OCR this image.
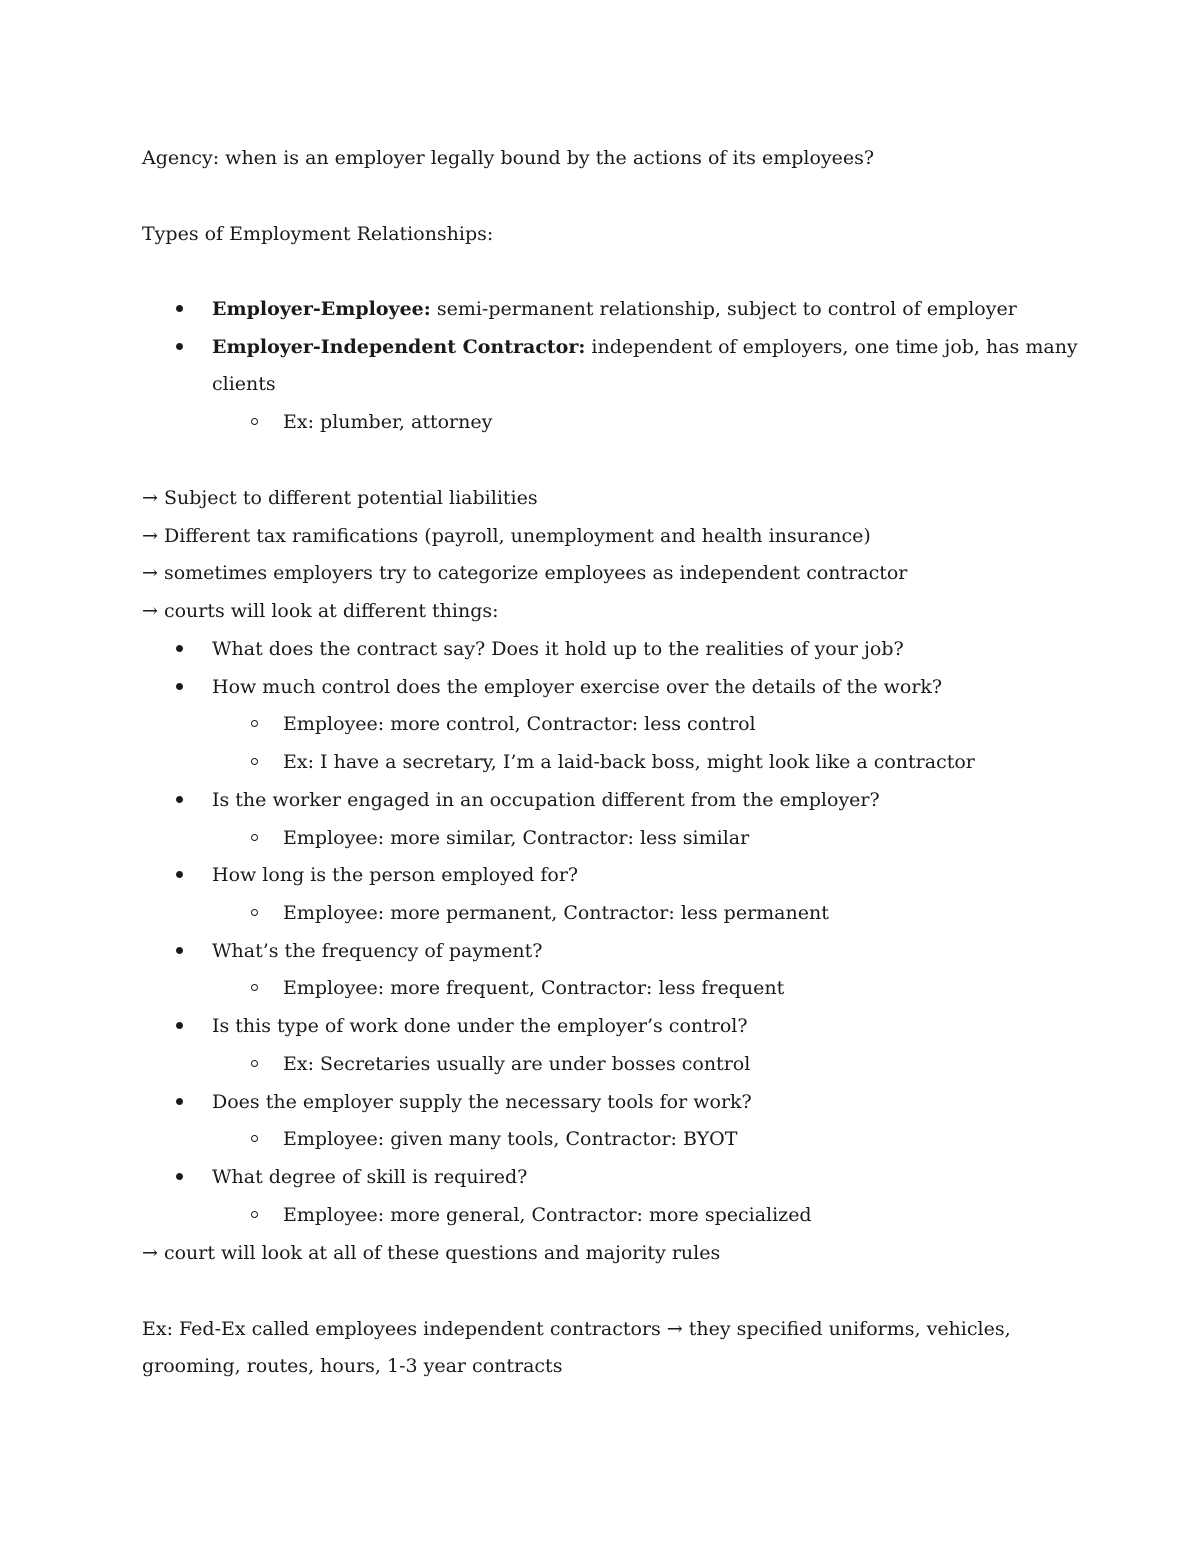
Agency: when is an employer legally bound by the actions of its employees?
Types of Employment Relationships:
Employer-Employee: semi-permanent relationship, subject to control of employer
Employer-Independent Contractor: independent of employers, one time job, has many
clients
Ex: plumber, attorney
→ Subject to different potential liabilities
→ Different tax ramifications (payroll, unemployment and health insurance)
→ sometimes employers try to categorize employees as independent contractor
→ courts will look at different things:
What does the contract say? Does it hold up to the realities of your job?
How much control does the employer exercise over the details of the work?
Employee: more control, Contractor: less control
Ex: I have a secretary, I’m a laid-back boss, might look like a contractor
Is the worker engaged in an occupation different from the employer?
Employee: more similar, Contractor: less similar
How long is the person employed for?
Employee: more permanent, Contractor: less permanent
What’s the frequency of payment?
Employee: more frequent, Contractor: less frequent
Is this type of work done under the employer’s control?
Ex: Secretaries usually are under bosses control
Does the employer supply the necessary tools for work?
Employee: given many tools, Contractor: BYOT
What degree of skill is required?
Employee: more general, Contractor: more specialized
→ court will look at all of these questions and majority rules
Ex: Fed-Ex called employees independent contractors → they specified uniforms, vehicles,
grooming, routes, hours, 1-3 year contracts
